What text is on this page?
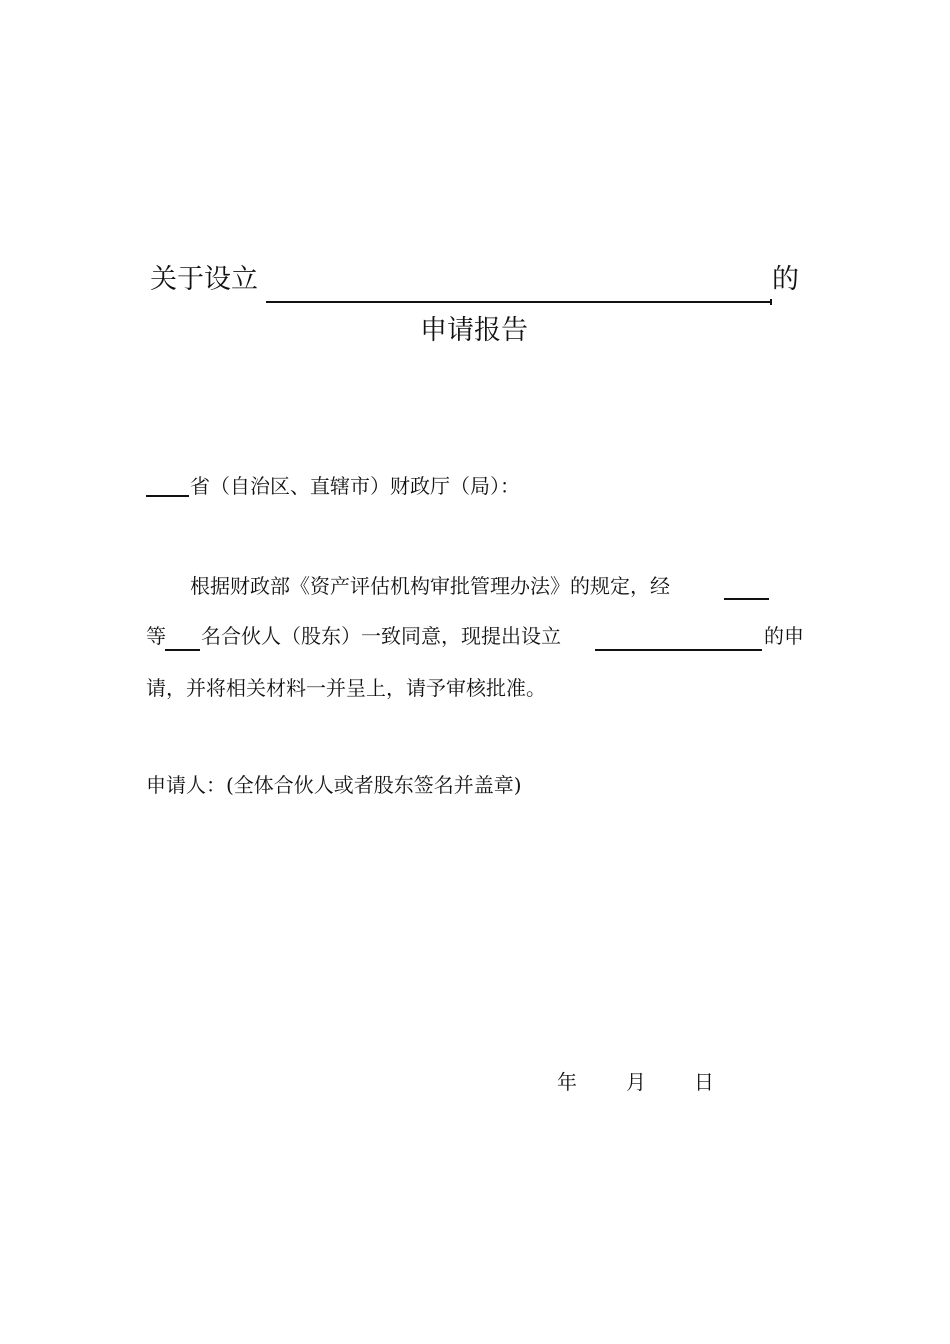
关于设立	的
申请报告
省（自治区、直辖市）财政厅（局）：
根据财政部《资产评估机构审批管理办法》的规定，经
等 名合伙人（股东）一致同意，现提出设立	的申
请，并将相关材料一并呈上，请予审核批准。
申请人：(全体合伙人或者股东签名并盖章)
年 月 日
